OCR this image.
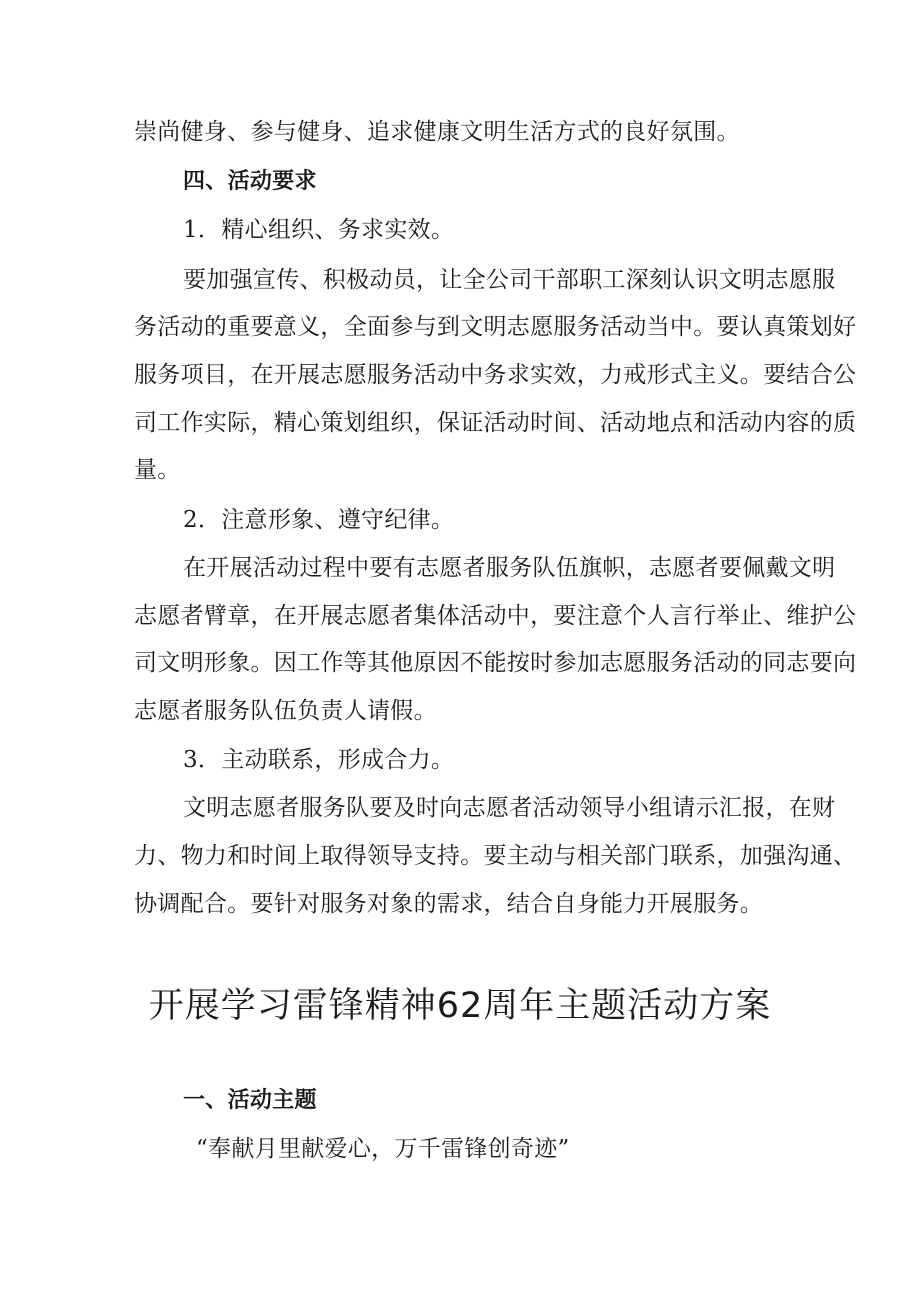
崇尚健身、参与健身、追求健康文明生活方式的良好氛围。
四、活动要求
1．精心组织、务求实效。
要加强宣传、积极动员，让全公司干部职工深刻认识文明志愿服
务活动的重要意义，全面参与到文明志愿服务活动当中。要认真策划好
服务项目，在开展志愿服务活动中务求实效，力戒形式主义。要结合公
司工作实际，精心策划组织，保证活动时间、活动地点和活动内容的质
量。
2．注意形象、遵守纪律。
在开展活动过程中要有志愿者服务队伍旗帜，志愿者要佩戴文明
志愿者臂章，在开展志愿者集体活动中，要注意个人言行举止、维护公
司文明形象。因工作等其他原因不能按时参加志愿服务活动的同志要向
志愿者服务队伍负责人请假。
3．主动联系，形成合力。
文明志愿者服务队要及时向志愿者活动领导小组请示汇报，在财
力、物力和时间上取得领导支持。要主动与相关部门联系，加强沟通、
协调配合。要针对服务对象的需求，结合自身能力开展服务。
开展学习雷锋精神62周年主题活动方案
一、活动主题
“奉献月里献爱心，万千雷锋创奇迹”
